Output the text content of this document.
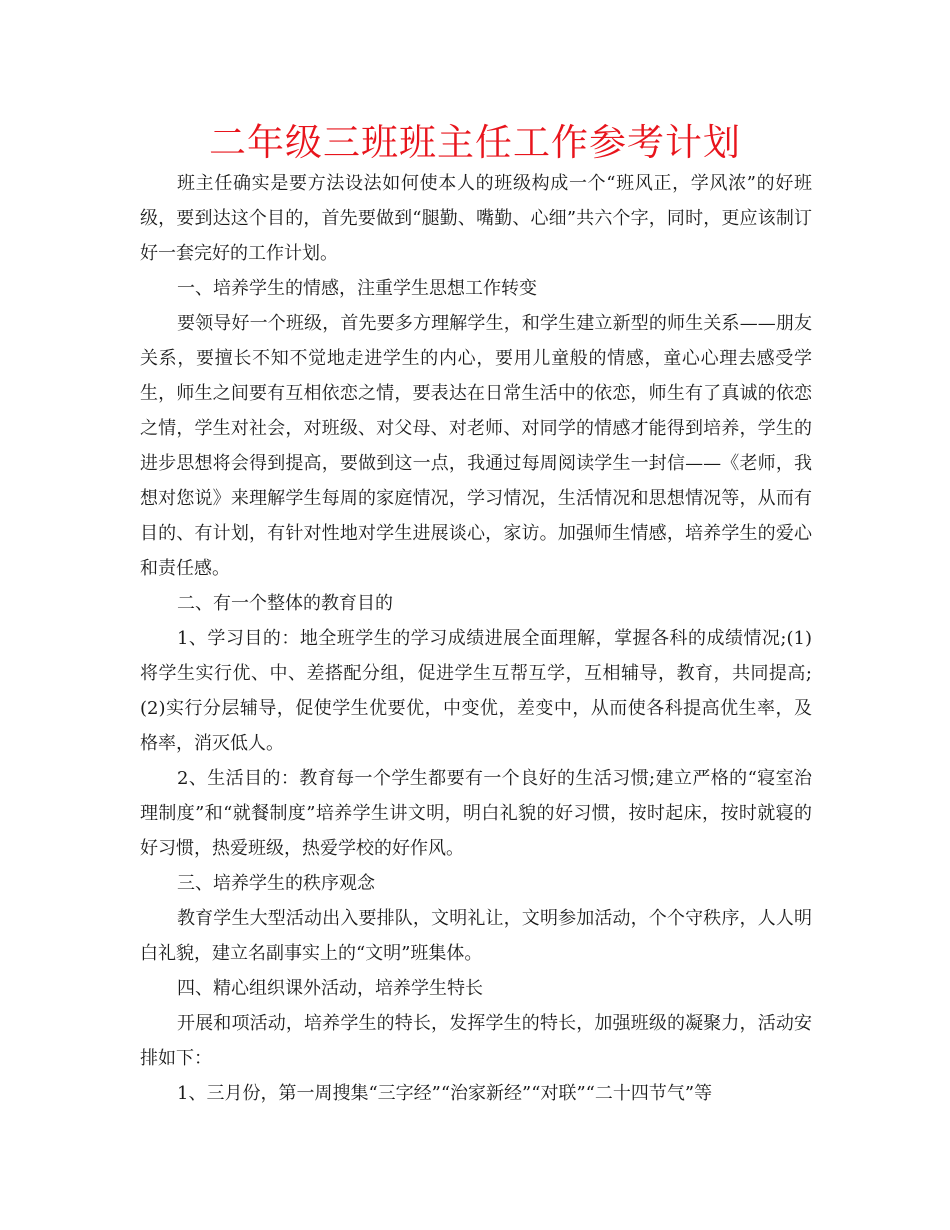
二年级三班班主任工作参考计划

班主任确实是要方法设法如何使本人的班级构成一个“班风正，学风浓”的好班级，要到达这个目的，首先要做到“腿勤、嘴勤、心细”共六个字，同时，更应该制订好一套完好的工作计划。

一、培养学生的情感，注重学生思想工作转变

要领导好一个班级，首先要多方理解学生，和学生建立新型的师生关系——朋友关系，要擅长不知不觉地走进学生的内心，要用儿童般的情感，童心心理去感受学生，师生之间要有互相依恋之情，要表达在日常生活中的依恋，师生有了真诚的依恋之情，学生对社会，对班级、对父母、对老师、对同学的情感才能得到培养，学生的进步思想将会得到提高，要做到这一点，我通过每周阅读学生一封信——《老师，我想对您说》来理解学生每周的家庭情况，学习情况，生活情况和思想情况等，从而有目的、有计划，有针对性地对学生进展谈心，家访。加强师生情感，培养学生的爱心和责任感。

二、有一个整体的教育目的

1、学习目的：地全班学生的学习成绩进展全面理解，掌握各科的成绩情况;(1)将学生实行优、中、差搭配分组，促进学生互帮互学，互相辅导，教育，共同提高;(2)实行分层辅导，促使学生优要优，中变优，差变中，从而使各科提高优生率，及格率，消灭低人。

2、生活目的：教育每一个学生都要有一个良好的生活习惯;建立严格的“寝室治理制度”和“就餐制度”培养学生讲文明，明白礼貌的好习惯，按时起床，按时就寝的好习惯，热爱班级，热爱学校的好作风。

三、培养学生的秩序观念

教育学生大型活动出入要排队，文明礼让，文明参加活动，个个守秩序，人人明白礼貌，建立名副事实上的“文明”班集体。

四、精心组织课外活动，培养学生特长

开展和项活动，培养学生的特长，发挥学生的特长，加强班级的凝聚力，活动安排如下：

1、三月份，第一周搜集“三字经”“治家新经”“对联”“二十四节气”等
